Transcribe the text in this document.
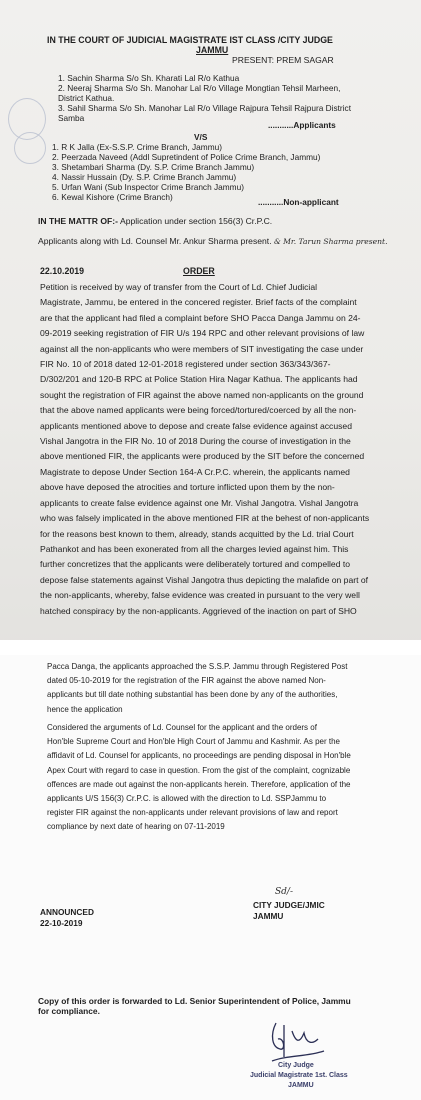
IN THE COURT OF JUDICIAL MAGISTRATE IST CLASS /CITY JUDGE
JAMMU
PRESENT: PREM SAGAR
1. Sachin Sharma S/o Sh. Kharati Lal R/o Kathua
2. Neeraj Sharma S/o Sh. Manohar Lal R/o Village Mongtian Tehsil Marheen,
District Kathua.
3. Sahil Sharma S/o Sh. Manohar Lal R/o Village Rajpura Tehsil Rajpura District
Samba
...........Applicants
V/S
1. R K Jalla (Ex-S.S.P. Crime Branch, Jammu)
2. Peerzada Naveed (Addl Supretindent of Police Crime Branch, Jammu)
3. Shetambari Sharma (Dy. S.P. Crime Branch Jammu)
4. Nassir Hussain (Dy. S.P. Crime Branch Jammu)
5. Urfan Wani (Sub Inspector Crime Branch Jammu)
6. Kewal Kishore (Crime Branch)	...........Non-applicant
IN THE MATTR OF:- Application under section 156(3) Cr.P.C.
Applicants along with Ld. Counsel Mr. Ankur Sharma present. & Mr. Tarun Sharma present.
22.10.2019	ORDER
Petition is received by way of transfer from the Court of Ld. Chief Judicial
Magistrate, Jammu, be entered in the concered register. Brief facts of the complaint
are that the applicant had filed a complaint before SHO Pacca Danga Jammu on 24-
09-2019 seeking registration of FIR U/s 194 RPC and other relevant provisions of law
against all the non-applicants who were members of SIT investigating the case under
FIR No. 10 of 2018 dated 12-01-2018 registered under section 363/343/367-
D/302/201 and 120-B RPC at Police Station Hira Nagar Kathua. The applicants had
sought the registration of FIR against the above named non-applicants on the ground
that the above named applicants were being forced/tortured/coerced by all the non-
applicants mentioned above to depose and create false evidence against accused
Vishal Jangotra in the FIR No. 10 of 2018 During the course of investigation in the
above mentioned FIR, the applicants were produced by the SIT before the concerned
Magistrate to depose Under Section 164-A Cr.P.C. wherein, the applicants named
above have deposed the atrocities and torture inflicted upon them by the non-
applicants to create false evidence against one Mr. Vishal Jangotra. Vishal Jangotra
who was falsely implicated in the above mentioned FIR at the behest of non-applicants
for the reasons best known to them, already, stands acquitted by the Ld. trial Court
Pathankot and has been exonerated from all the charges levied against him. This
further concretizes that the applicants were deliberately tortured and compelled to
depose false statements against Vishal Jangotra thus depicting the malafide on part of
the non-applicants, whereby, false evidence was created in pursuant to the very well
hatched conspiracy by the non-applicants. Aggrieved of the inaction on part of SHO
Pacca Danga, the applicants approached the S.S.P. Jammu through Registered Post
dated 05-10-2019 for the registration of the FIR against the above named Non-
applicants but till date nothing substantial has been done by any of the authorities,
hence the application
Considered the arguments of Ld. Counsel for the applicant and the orders of
Hon'ble Supreme Court and Hon'ble High Court of Jammu and Kashmir. As per the
affidavit of Ld. Counsel for applicants, no proceedings are pending disposal in Hon'ble
Apex Court with regard to case in question. From the gist of the complaint, cognizable
offences are made out against the non-applicants herein. Therefore, application of the
applicants U/S 156(3) Cr.P.C. is allowed with the direction to Ld. SSPJammu to
register FIR against the non-applicants under relevant provisions of law and report
compliance by next date of hearing on 07-11-2019
Sd/-
CITY JUDGE/JMIC
JAMMU
ANNOUNCED
22-10-2019
Copy of this order is forwarded to Ld. Senior Superintendent of Police, Jammu
for compliance.
City Judge
Judicial Magistrate 1st. Class
JAMMU
